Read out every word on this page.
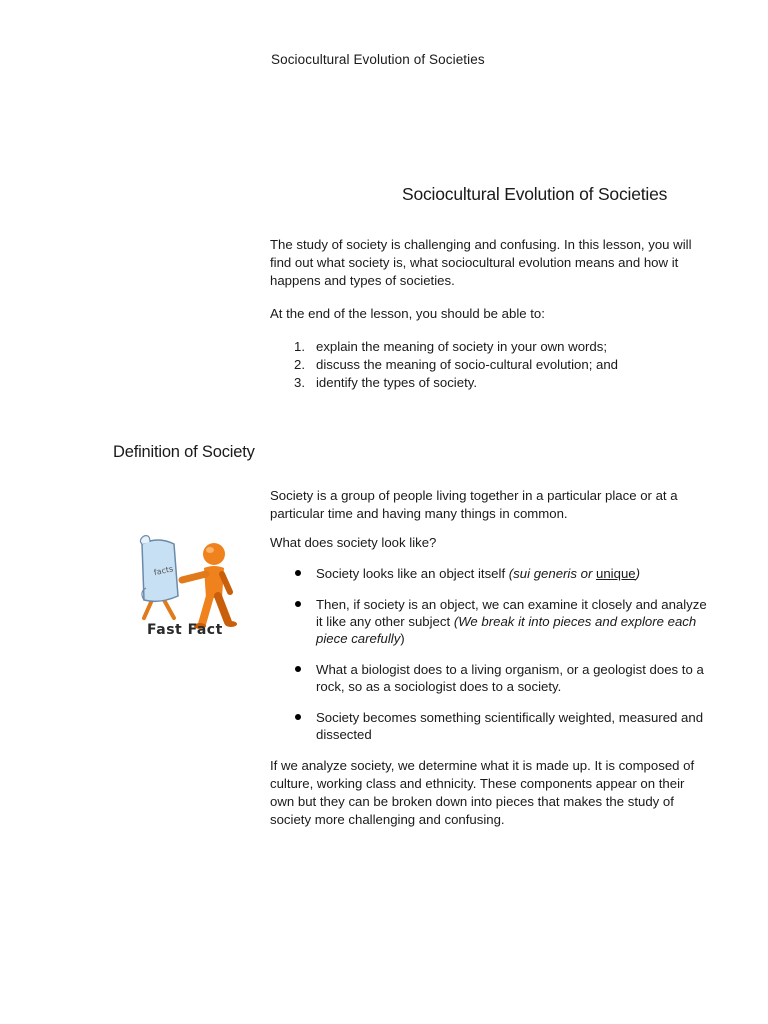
Sociocultural Evolution of Societies
Sociocultural Evolution of Societies

The study of society is challenging and confusing. In this lesson, you will find out what society is, what sociocultural evolution means and how it happens and types of societies.

At the end of the lesson, you should be able to:

1. explain the meaning of society in your own words;
2. discuss the meaning of socio-cultural evolution; and
3. identify the types of society.
Definition of Society

Society is a group of people living together in a particular place or at a particular time and having many things in common.

What does society look like?

facts
Fast Fact
Society looks like an object itself (sui generis or unique)
Then, if society is an object, we can examine it closely and analyze it like any other subject (We break it into pieces and explore each piece carefully)
What a biologist does to a living organism, or a geologist does to a rock, so as a sociologist does to a society.
Society becomes something scientifically weighted, measured and dissected

If we analyze society, we determine what it is made up. It is composed of culture, working class and ethnicity. These components appear on their own but they can be broken down into pieces that makes the study of society more challenging and confusing.
